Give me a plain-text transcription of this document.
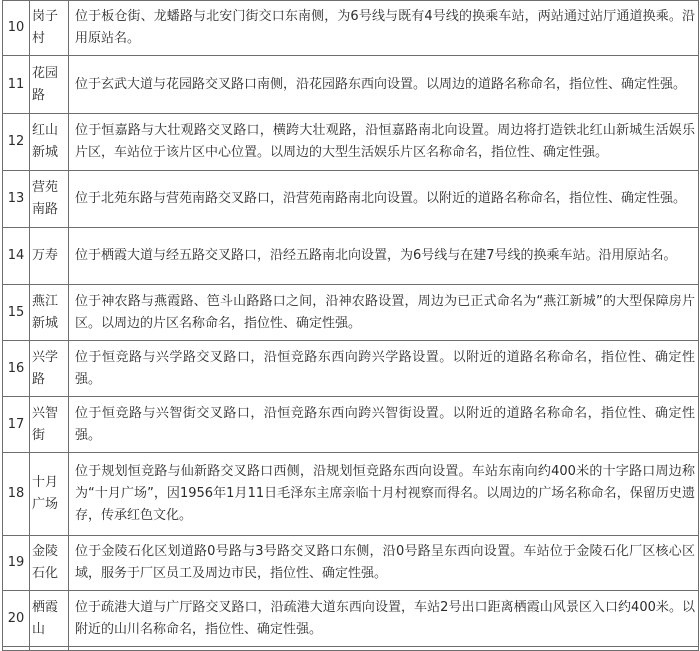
10	岗子村	位于板仓街、龙蟠路与北安门街交口东南侧，为6号线与既有4号线的换乘车站，两站通过站厅通道换乘。沿用原站名。
11	花园路	位于玄武大道与花园路交叉路口南侧，沿花园路东西向设置。以周边的道路名称命名，指位性、确定性强。
12	红山新城	位于恒嘉路与大壮观路交叉路口，横跨大壮观路，沿恒嘉路南北向设置。周边将打造铁北红山新城生活娱乐片区，车站位于该片区中心位置。以周边的大型生活娱乐片区名称命名，指位性、确定性强。
13	营苑南路	位于北苑东路与营苑南路交叉路口，沿营苑南路南北向设置。以附近的道路名称命名，指位性、确定性强。
14	万寿	位于栖霞大道与经五路交叉路口，沿经五路南北向设置，为6号线与在建7号线的换乘车站。沿用原站名。
15	燕江新城	位于神农路与燕霞路、笆斗山路路口之间，沿神农路设置，周边为已正式命名为“燕江新城”的大型保障房片区。以周边的片区名称命名，指位性、确定性强。
16	兴学路	位于恒竞路与兴学路交叉路口，沿恒竞路东西向跨兴学路设置。以附近的道路名称命名，指位性、确定性强。
17	兴智街	位于恒竞路与兴智街交叉路口，沿恒竞路东西向跨兴智街设置。以附近的道路名称命名，指位性、确定性强。
18	十月广场	位于规划恒竞路与仙新路交叉路口西侧，沿规划恒竞路东西向设置。车站东南向约400米的十字路口周边称为“十月广场”，因1956年1月11日毛泽东主席亲临十月村视察而得名。以周边的广场名称命名，保留历史遗存，传承红色文化。
19	金陵石化	位于金陵石化区划道路0号路与3号路交叉路口东侧，沿0号路呈东西向设置。车站位于金陵石化厂区核心区域，服务于厂区员工及周边市民，指位性、确定性强。
20	栖霞山	位于疏港大道与广厅路交叉路口，沿疏港大道东西向设置，车站2号出口距离栖霞山风景区入口约400米。以附近的山川名称命名，指位性、确定性强。
